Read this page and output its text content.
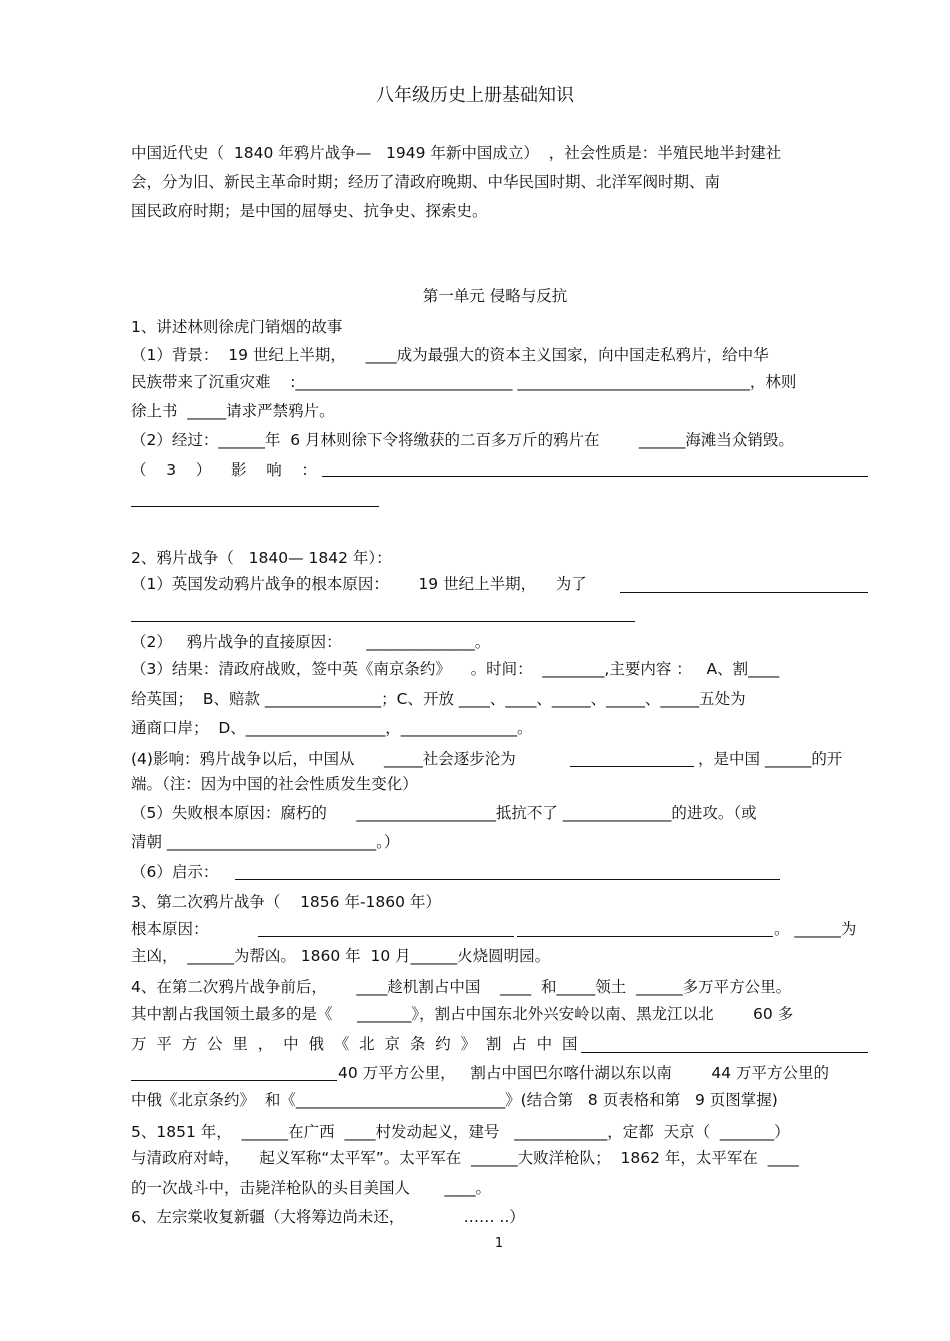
八年级历史上册基础知识
中国近代史（  1840 年鸦片战争—   1949 年新中国成立）  ，社会性质是：半殖民地半封建社
会，分为旧、新民主革命时期；经历了清政府晚期、中华民国时期、北洋军阀时期、南
国民政府时期；是中国的屈辱史、抗争史、探索史。
第一单元 侵略与反抗
1、讲述林则徐虎门销烟的故事
（1）背景：  19 世纪上半期，    ____成为最强大的资本主义国家，向中国走私鸦片，给中华
民族带来了沉重灾难    :____________________________ ______________________________，林则
徐上书  _____请求严禁鸦片。
（2）经过：______年  6 月林则徐下令将缴获的二百多万斤的鸦片在        ______海滩当众销毁。
（    3    ）    影    响    ：
2、鸦片战争（   1840— 1842 年）：
（1）英国发动鸦片战争的根本原因：      19 世纪上半期，    为了
（2）   鸦片战争的直接原因：     ______________。
（3）结果：清政府战败，签中英《南京条约》    。时间：  ________,主要内容 ：   A、割____
给英国；  B、赔款 _______________；C、开放 ____、____、_____、_____、_____五处为
通商口岸；  D、__________________，_______________。
(4)影响：鸦片战争以后，中国从      _____社会逐步沦为	，是中国 ______的开
端。（注：因为中国的社会性质发生变化）
（5）失败根本原因：腐朽的      __________________抵抗不了 ______________的进攻。（或
清朝 ___________________________。）
（6）启示：
3、第二次鸦片战争（    1856 年-1860 年）
根本原因：	。 ______为
主凶，  ______为帮凶。 1860 年  10 月______火烧圆明园。
4、在第二次鸦片战争前后，      ____趁机割占中国    ____  和_____领土  ______多万平方公里。
其中割占我国领土最多的是《     _______》，割占中国东北外兴安岭以南、黑龙江以北        60 多
万  平  方  公  里  ，  中  俄  《  北  京  条  约  》  割  占  中  国
40 万平方公里，   割占中国巴尔喀什湖以东以南        44 万平方公里的
中俄《北京条约》  和《___________________________》(结合第   8 页表格和第   9 页图掌握)
5、1851 年，  ______在广西  ____村发动起义，建号   ____________，定都  天京（  _______）
与清政府对峙，    起义军称“太平军”。太平军在  ______大败洋枪队；  1862 年，太平军在  ____
的一次战斗中，击毙洋枪队的头目美国人       ____。
6、左宗棠收复新疆（大将筹边尚未还，            …… ..）
1
